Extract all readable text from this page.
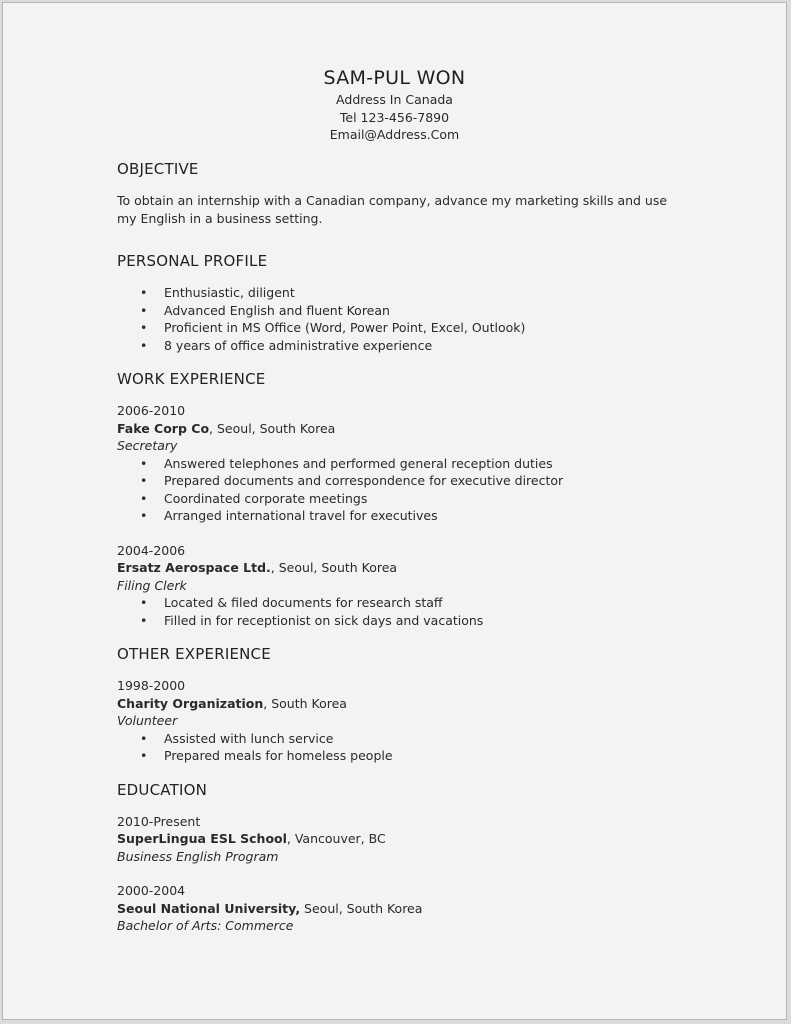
SAM-PUL WON
Address In Canada
Tel 123-456-7890
Email@Address.Com
OBJECTIVE
To obtain an internship with a Canadian company, advance my marketing skills and use my English in a business setting.
PERSONAL PROFILE
• Enthusiastic, diligent
• Advanced English and fluent Korean
• Proficient in MS Office (Word, Power Point, Excel, Outlook)
• 8 years of office administrative experience
WORK EXPERIENCE
2006-2010
Fake Corp Co, Seoul, South Korea
Secretary
• Answered telephones and performed general reception duties
• Prepared documents and correspondence for executive director
• Coordinated corporate meetings
• Arranged international travel for executives
2004-2006
Ersatz Aerospace Ltd., Seoul, South Korea
Filing Clerk
• Located & filed documents for research staff
• Filled in for receptionist on sick days and vacations
OTHER EXPERIENCE
1998-2000
Charity Organization, South Korea
Volunteer
• Assisted with lunch service
• Prepared meals for homeless people
EDUCATION
2010-Present
SuperLingua ESL School, Vancouver, BC
Business English Program
2000-2004
Seoul National University, Seoul, South Korea
Bachelor of Arts: Commerce
